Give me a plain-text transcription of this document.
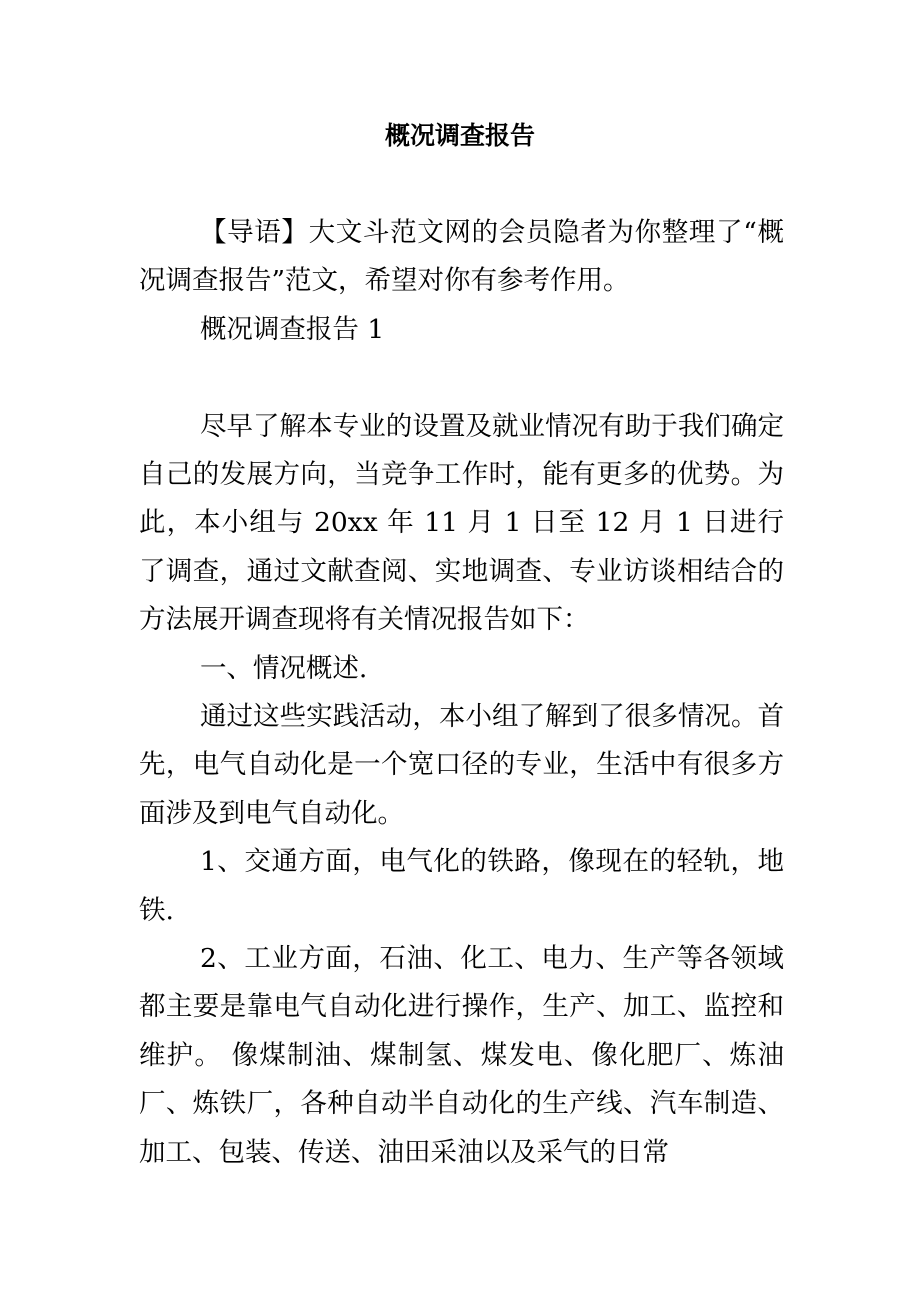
概况调查报告

【导语】大文斗范文网的会员隐者为你整理了“概况调查报告”范文，希望对你有参考作用。

概况调查报告 1

尽早了解本专业的设置及就业情况有助于我们确定自己的发展方向，当竞争工作时，能有更多的优势。为此，本小组与 20xx 年 11 月 1 日至 12 月 1 日进行了调查，通过文献查阅、实地调查、专业访谈相结合的方法展开调查现将有关情况报告如下：

一、情况概述.

通过这些实践活动，本小组了解到了很多情况。首先，电气自动化是一个宽口径的专业，生活中有很多方面涉及到电气自动化。

1、交通方面，电气化的铁路，像现在的轻轨，地铁.

2、工业方面，石油、化工、电力、生产等各领域都主要是靠电气自动化进行操作，生产、加工、监控和维护。 像煤制油、煤制氢、煤发电、像化肥厂、炼油厂、炼铁厂，各种自动半自动化的生产线、汽车制造、加工、包装、传送、油田采油以及采气的日常
